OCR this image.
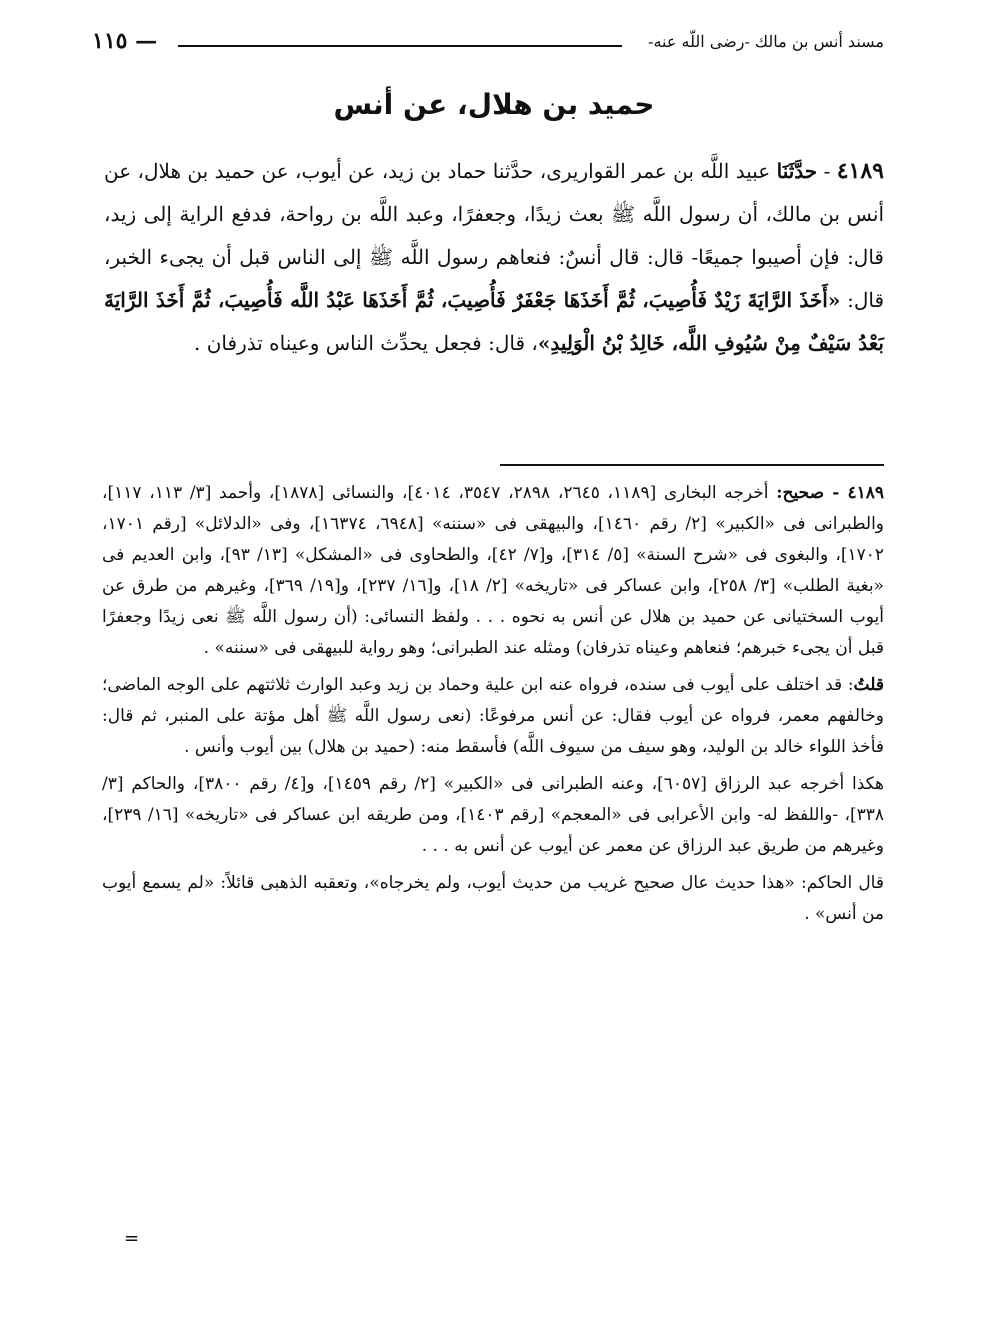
مسند أنس بن مالك -رضى اللّه عنه-
— ١١٥
حميد بن هلال، عن أنس
٤١٨٩ - حدَّثَنَا عبيد اللَّه بن عمر القواريرى، حدَّثنا حماد بن زيد، عن أيوب، عن حميد بن هلال، عن أنس بن مالك، أن رسول اللَّه ﷺ بعث زيدًا، وجعفرًا، وعبد اللَّه بن رواحة، فدفع الراية إلى زيد، قال: فإن أصيبوا جميعًا- قال: قال أنسٌ: فنعاهم رسول اللَّه ﷺ إلى الناس قبل أن يجىء الخبر، قال: «أَخَذَ الرَّايَةَ زَيْدٌ فَأُصِيبَ، ثُمَّ أَخَذَهَا جَعْفَرٌ فَأُصِيبَ، ثُمَّ أَخَذَهَا عَبْدُ اللَّه فَأُصِيبَ، ثُمَّ أَخَذَ الرَّايَةَ بَعْدُ سَيْفٌ مِنْ سُيُوفِ اللَّه، خَالِدُ بْنُ الْوَلِيدِ»، قال: فجعل يحدِّث الناس وعيناه تذرفان .

٤١٨٩ - صحيح: أخرجه البخارى [١١٨٩، ٢٦٤٥، ٢٨٩٨، ٣٥٤٧، ٤٠١٤]، والنسائى [١٨٧٨]، وأحمد [٣/ ١١٣، ١١٧]، والطبرانى فى «الكبير» [٢/ رقم ١٤٦٠]، والبيهقى فى «سننه» [٦٩٤٨، ١٦٣٧٤]، وفى «الدلائل» [رقم ١٧٠١، ١٧٠٢]، والبغوى فى «شرح السنة» [٥/ ٣١٤]، و[٧/ ٤٢]، والطحاوى فى «المشكل» [١٣/ ٩٣]، وابن العديم فى «بغية الطلب» [٣/ ٢٥٨]، وابن عساكر فى «تاريخه» [٢/ ١٨]، و[١٦/ ٢٣٧]، و[١٩/ ٣٦٩]، وغيرهم من طرق عن أيوب السختيانى عن حميد بن هلال عن أنس به نحوه . . . ولفظ النسائى: (أن رسول اللَّه ﷺ نعى زيدًا وجعفرًا قبل أن يجىء خبرهم؛ فنعاهم وعيناه تذرفان) ومثله عند الطبرانى؛ وهو رواية للبيهقى فى «سننه» .

قلتُ: قد اختلف على أيوب فى سنده، فرواه عنه ابن علية وحماد بن زيد وعبد الوارث ثلاثتهم على الوجه الماضى؛ وخالفهم معمر، فرواه عن أيوب فقال: عن أنس مرفوعًا: (نعى رسول اللَّه ﷺ أهل مؤتة على المنبر، ثم قال: فأخذ اللواء خالد بن الوليد، وهو سيف من سيوف اللَّه) فأسقط منه: (حميد بن هلال) بين أيوب وأنس .

هكذا أخرجه عبد الرزاق [٦٠٥٧]، وعنه الطبرانى فى «الكبير» [٢/ رقم ١٤٥٩]، و[٤/ رقم ٣٨٠٠]، والحاكم [٣/ ٣٣٨]، -واللفظ له- وابن الأعرابى فى «المعجم» [رقم ١٤٠٣]، ومن طريقه ابن عساكر فى «تاريخه» [١٦/ ٢٣٩]، وغيرهم من طريق عبد الرزاق عن معمر عن أيوب عن أنس به . . .

قال الحاكم: «هذا حديث عال صحيح غريب من حديث أيوب، ولم يخرجاه»، وتعقبه الذهبى قائلاً: «لم يسمع أيوب من أنس» .

=
